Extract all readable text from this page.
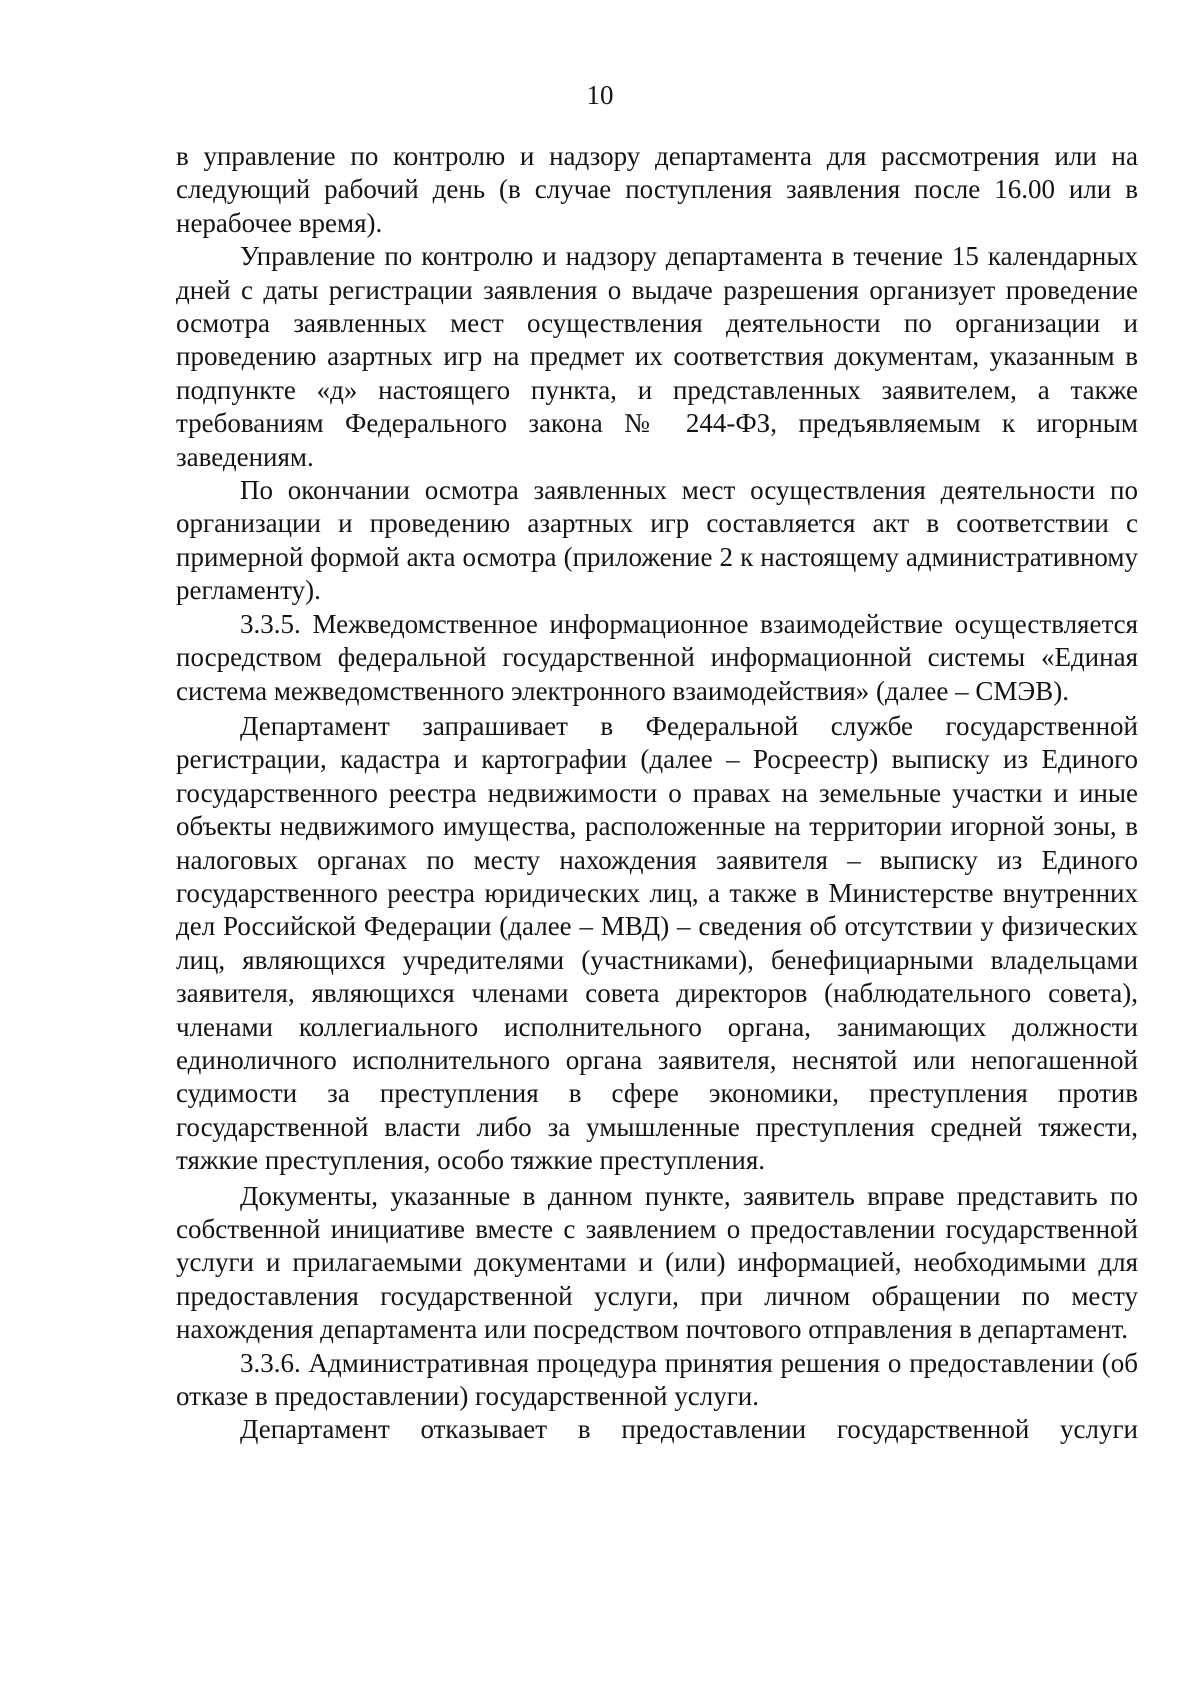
10

в управление по контролю и надзору департамента для рассмотрения или на следующий рабочий день (в случае поступления заявления после 16.00 или в нерабочее время).

Управление по контролю и надзору департамента в течение 15 календарных дней с даты регистрации заявления о выдаче разрешения организует проведение осмотра заявленных мест осуществления деятельности по организации и проведению азартных игр на предмет их соответствия документам, указанным в подпункте «д» настоящего пункта, и представленных заявителем, а также требованиям Федерального закона № 244-ФЗ, предъявляемым к игорным заведениям.

По окончании осмотра заявленных мест осуществления деятельности по организации и проведению азартных игр составляется акт в соответствии с примерной формой акта осмотра (приложение 2 к настоящему административному регламенту).

3.3.5. Межведомственное информационное взаимодействие осуществляется посредством федеральной государственной информационной системы «Единая система межведомственного электронного взаимодействия» (далее – СМЭВ).

Департамент запрашивает в Федеральной службе государственной регистрации, кадастра и картографии (далее – Росреестр) выписку из Единого государственного реестра недвижимости о правах на земельные участки и иные объекты недвижимого имущества, расположенные на территории игорной зоны, в налоговых органах по месту нахождения заявителя – выписку из Единого государственного реестра юридических лиц, а также в Министерстве внутренних дел Российской Федерации (далее – МВД) – сведения об отсутствии у физических лиц, являющихся учредителями (участниками), бенефициарными владельцами заявителя, являющихся членами совета директоров (наблюдательного совета), членами коллегиального исполнительного органа, занимающих должности единоличного исполнительного органа заявителя, неснятой или непогашенной судимости за преступления в сфере экономики, преступления против государственной власти либо за умышленные преступления средней тяжести, тяжкие преступления, особо тяжкие преступления.

Документы, указанные в данном пункте, заявитель вправе представить по собственной инициативе вместе с заявлением о предоставлении государственной услуги и прилагаемыми документами и (или) информацией, необходимыми для предоставления государственной услуги, при личном обращении по месту нахождения департамента или посредством почтового отправления в департамент.

3.3.6. Административная процедура принятия решения о предоставлении (об отказе в предоставлении) государственной услуги.

Департамент отказывает в предоставлении государственной услуги
